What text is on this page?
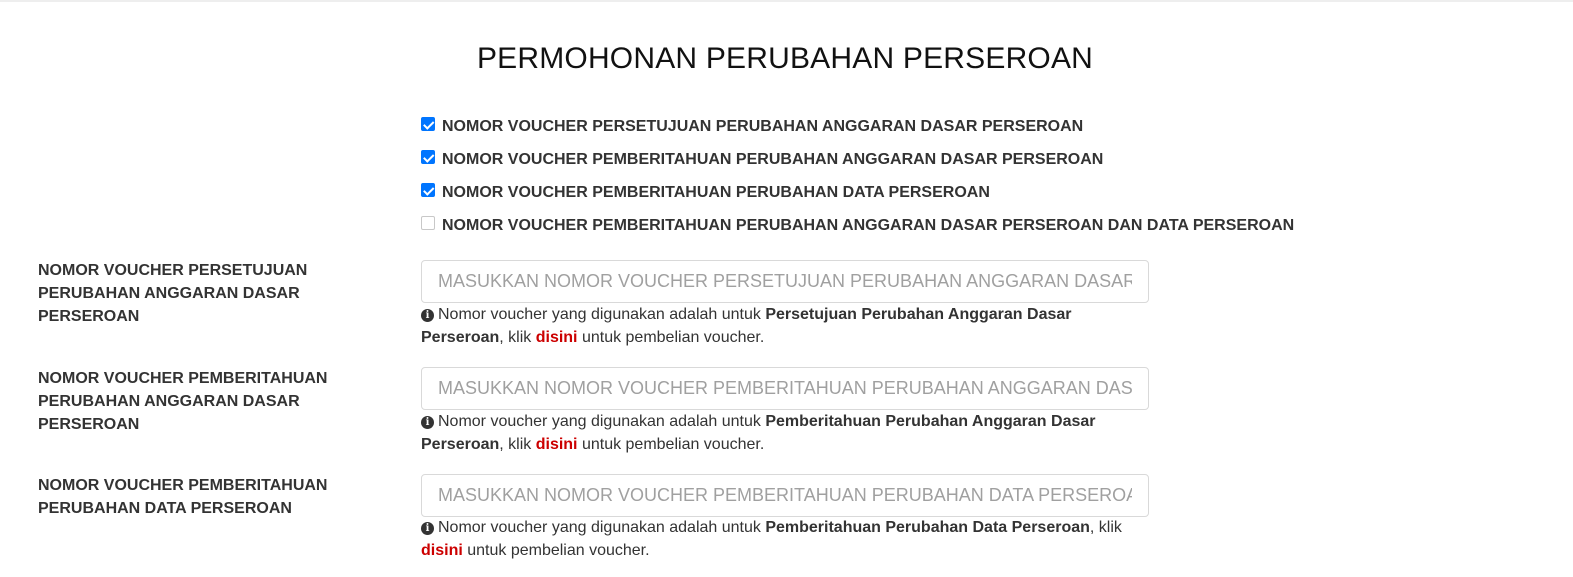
PERMOHONAN PERUBAHAN PERSEROAN
NOMOR VOUCHER PERSETUJUAN PERUBAHAN ANGGARAN DASAR PERSEROAN
NOMOR VOUCHER PEMBERITAHUAN PERUBAHAN ANGGARAN DASAR PERSEROAN
NOMOR VOUCHER PEMBERITAHUAN PERUBAHAN DATA PERSEROAN
NOMOR VOUCHER PEMBERITAHUAN PERUBAHAN ANGGARAN DASAR PERSEROAN DAN DATA PERSEROAN
NOMOR VOUCHER PERSETUJUAN PERUBAHAN ANGGARAN DASAR PERSEROAN
MASUKKAN NOMOR VOUCHER PERSETUJUAN PERUBAHAN ANGGARAN DASAR PERSEROAN	i Nomor voucher yang digunakan adalah untuk Persetujuan Perubahan Anggaran Dasar Perseroan, klik disini untuk pembelian voucher.
NOMOR VOUCHER PEMBERITAHUAN PERUBAHAN ANGGARAN DASAR PERSEROAN
MASUKKAN NOMOR VOUCHER PEMBERITAHUAN PERUBAHAN ANGGARAN DASAR PERSEROAN	i Nomor voucher yang digunakan adalah untuk Pemberitahuan Perubahan Anggaran Dasar Perseroan, klik disini untuk pembelian voucher.
NOMOR VOUCHER PEMBERITAHUAN PERUBAHAN DATA PERSEROAN
MASUKKAN NOMOR VOUCHER PEMBERITAHUAN PERUBAHAN DATA PERSEROAN
i Nomor voucher yang digunakan adalah untuk Pemberitahuan Perubahan Data Perseroan, klik disini untuk pembelian voucher.
